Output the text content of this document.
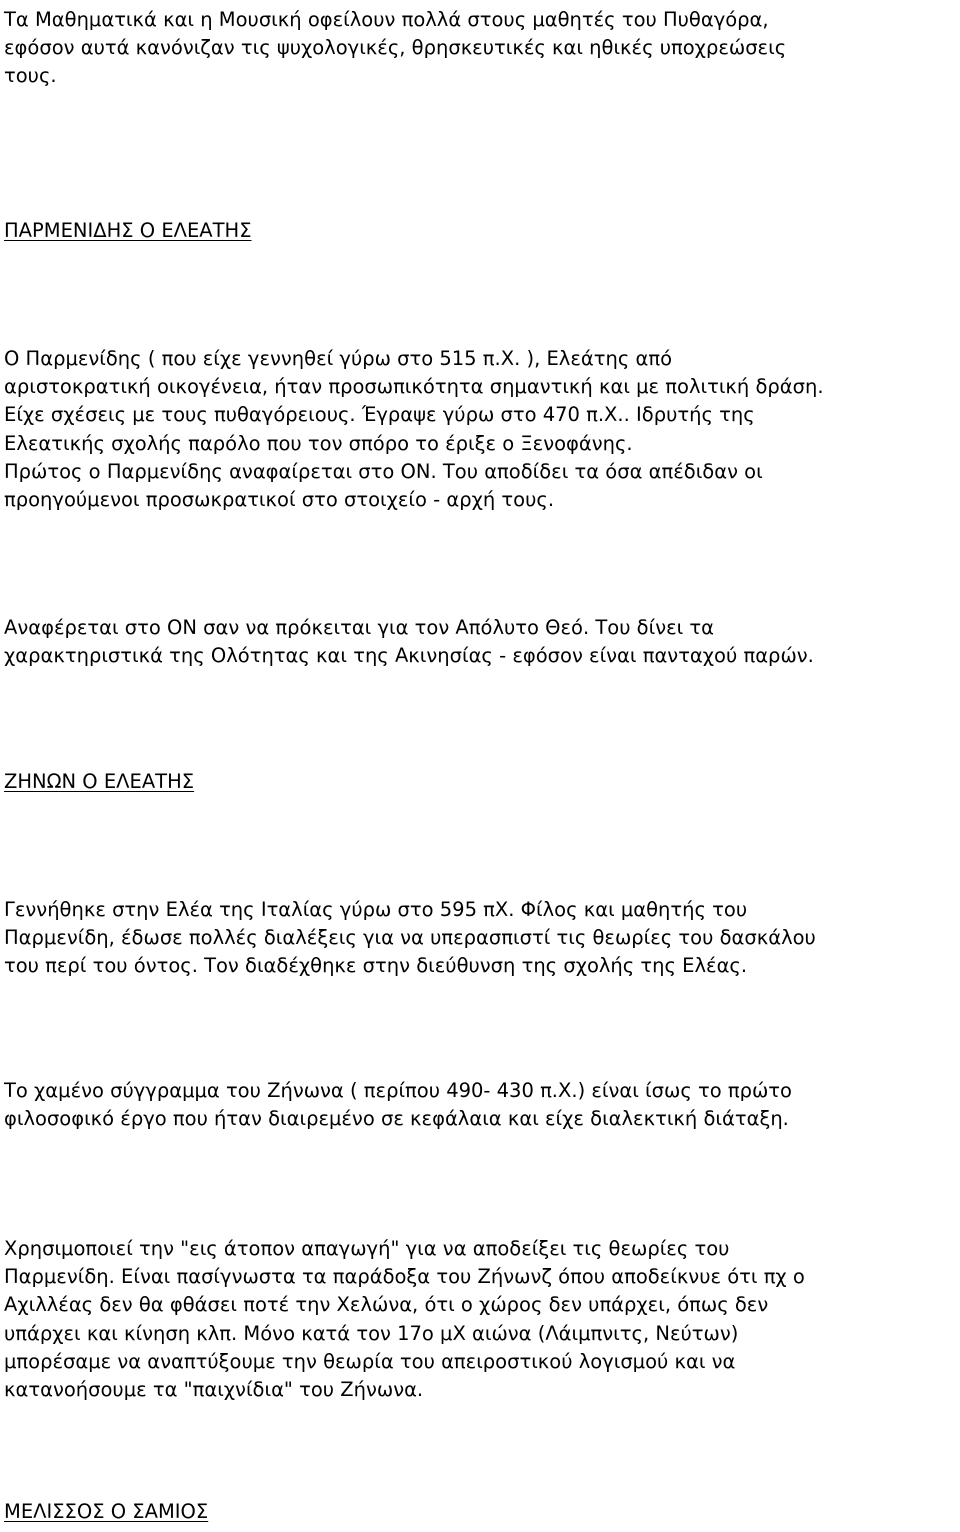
Τα Μαθηματικά και η Μουσική οφείλουν πολλά στους μαθητές του Πυθαγόρα,
εφόσον αυτά κανόνιζαν τις ψυχολογικές, θρησκευτικές και ηθικές υποχρεώσεις
τους.
ΠΑΡΜΕΝΙΔΗΣ Ο ΕΛΕΑΤΗΣ
Ο Παρμενίδης ( που είχε γεννηθεί γύρω στο 515 π.Χ. ), Ελεάτης από
αριστοκρατική οικογένεια, ήταν προσωπικότητα σημαντική και με πολιτική δράση.
Είχε σχέσεις με τους πυθαγόρειους. Έγραψε γύρω στο 470 π.Χ.. Ιδρυτής της
Ελεατικής σχολής παρόλο που τον σπόρο το έριξε ο Ξενοφάνης.
Πρώτος ο Παρμενίδης αναφαίρεται στο ΟΝ. Του αποδίδει τα όσα απέδιδαν οι
προηγούμενοι προσωκρατικοί στο στοιχείο - αρχή τους.
Αναφέρεται στο ΟΝ σαν να πρόκειται για τον Απόλυτο Θεό. Του δίνει τα
χαρακτηριστικά της Ολότητας και της Ακινησίας - εφόσον είναι πανταχού παρών.
ΖΗΝΩΝ Ο ΕΛΕΑΤΗΣ
Γεννήθηκε στην Ελέα της Ιταλίας γύρω στο 595 πΧ. Φίλος και μαθητής του
Παρμενίδη, έδωσε πολλές διαλέξεις για να υπερασπιστί τις θεωρίες του δασκάλου
του περί του όντος. Τον διαδέχθηκε στην διεύθυνση της σχολής της Ελέας.
Το χαμένο σύγγραμμα του Ζήνωνα ( περίπου 490- 430 π.Χ.) είναι ίσως το πρώτο
φιλοσοφικό έργο που ήταν διαιρεμένο σε κεφάλαια και είχε διαλεκτική διάταξη.
Χρησιμοποιεί την "εις άτοπον απαγωγή" για να αποδείξει τις θεωρίες του
Παρμενίδη. Είναι πασίγνωστα τα παράδοξα του Ζήνωνζ όπου αποδείκνυε ότι πχ ο
Αχιλλέας δεν θα φθάσει ποτέ την Χελώνα, ότι ο χώρος δεν υπάρχει, όπως δεν
υπάρχει και κίνηση κλπ. Μόνο κατά τον 17ο μΧ αιώνα (Λάιμπνιτς, Νεύτων)
μπορέσαμε να αναπτύξουμε την θεωρία του απειροστικού λογισμού και να
κατανοήσουμε τα "παιχνίδια" του Ζήνωνα.
ΜΕΛΙΣΣΟΣ Ο ΣΑΜΙΟΣ
